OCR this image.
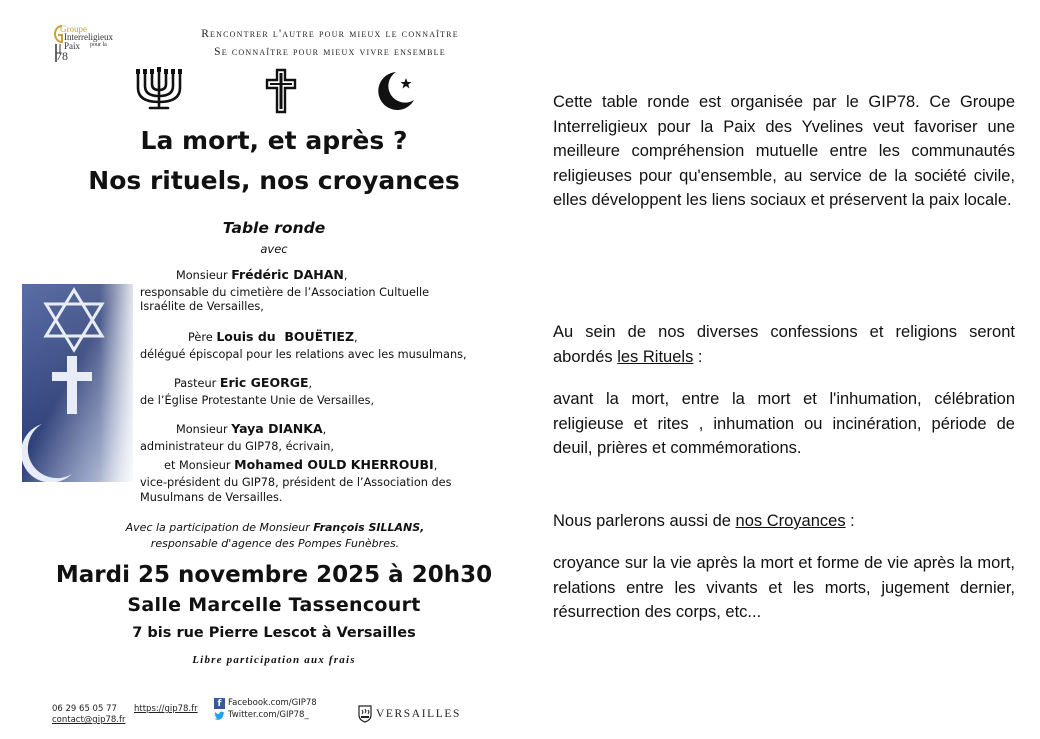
Groupe
Interreligieux
pour la
Paix
78
Rencontrer l'autre pour mieux le connaître
Se connaître pour mieux vivre ensemble
La mort, et après ?
Nos rituels, nos croyances
Table ronde
avec
Monsieur Frédéric DAHAN,
responsable du cimetière de l’Association Cultuelle
Israélite de Versailles,
Père Louis du  BOUËTIEZ,
délégué épiscopal pour les relations avec les musulmans,
Pasteur Eric GEORGE,
de l’Église Protestante Unie de Versailles,
Monsieur Yaya DIANKA,
administrateur du GIP78, écrivain,
et Monsieur Mohamed OULD KHERROUBI,
vice-président du GIP78, président de l’Association des
Musulmans de Versailles.
Avec la participation de Monsieur François SILLANS,
responsable d'agence des Pompes Funèbres.
Mardi 25 novembre 2025 à 20h30
Salle Marcelle Tassencourt
7 bis rue Pierre Lescot à Versailles
Libre participation aux frais
06 29 65 05 77
contact@gip78.fr
https://gip78.fr	f Facebook.com/GIP78
Twitter.com/GIP78_	VERSAILLES
Cette table ronde est organisée par le GIP78. Ce Groupe Interreligieux pour la Paix des Yvelines veut favoriser une meilleure compréhension mutuelle entre les communautés religieuses pour qu'ensemble, au service de la société civile, elles développent les liens sociaux et préservent la paix locale.
Au sein de nos diverses confessions et religions seront abordés les Rituels :
avant la mort, entre la mort et l'inhumation, célébration religieuse et rites , inhumation ou incinération, période de deuil, prières et commémorations.
Nous parlerons aussi de nos Croyances :
croyance sur la vie après la mort et forme de vie après la mort, relations entre les vivants et les morts, jugement dernier, résurrection des corps, etc...
